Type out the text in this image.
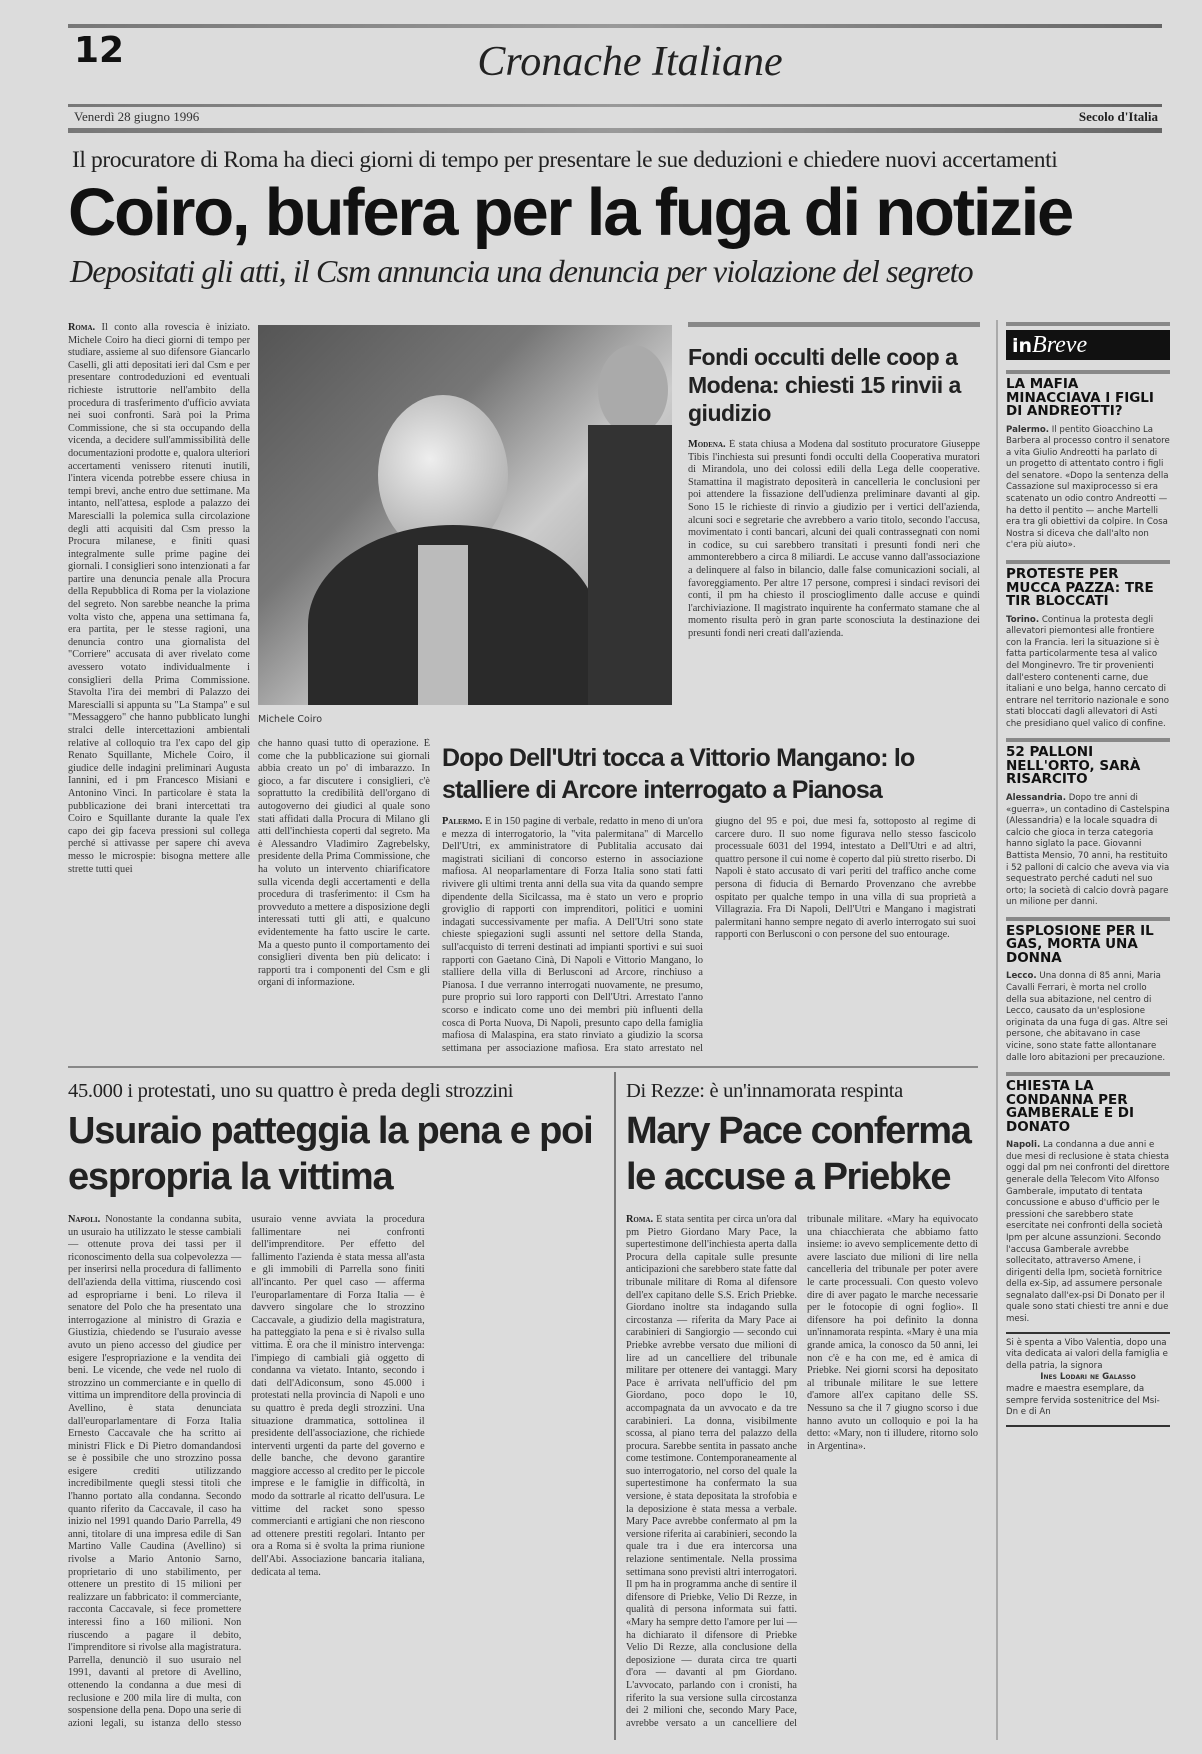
12	Cronache Italiane
Venerdì 28 giugno 1996	Secolo d'Italia
Il procuratore di Roma ha dieci giorni di tempo per presentare le sue deduzioni e chiedere nuovi accertamenti
Coiro, bufera per la fuga di notizie
Depositati gli atti, il Csm annuncia una denuncia per violazione del segreto
Roma. Il conto alla rovescia è iniziato. Michele Coiro ha dieci giorni di tempo per studiare, assieme al suo difensore Giancarlo Caselli, gli atti depositati ieri dal Csm e per presentare controdeduzioni ed eventuali richieste istruttorie nell'ambito della procedura di trasferimento d'ufficio avviata nei suoi confronti. Sarà poi la Prima Commissione, che si sta occupando della vicenda, a decidere sull'ammissibilità delle documentazioni prodotte e, qualora ulteriori accertamenti venissero ritenuti inutili, l'intera vicenda potrebbe essere chiusa in tempi brevi, anche entro due settimane. Ma intanto, nell'attesa, esplode a palazzo dei Marescialli la polemica sulla circolazione degli atti acquisiti dal Csm presso la Procura milanese, e finiti quasi integralmente sulle prime pagine dei giornali. I consiglieri sono intenzionati a far partire una denuncia penale alla Procura della Repubblica di Roma per la violazione del segreto. Non sarebbe neanche la prima volta visto che, appena una settimana fa, era partita, per le stesse ragioni, una denuncia contro una giornalista del "Corriere" accusata di aver rivelato come avessero votato individualmente i consiglieri della Prima Commissione. Stavolta l'ira dei membri di Palazzo dei Marescialli si appunta su "La Stampa" e sul "Messaggero" che hanno pubblicato lunghi stralci delle intercettazioni ambientali relative al colloquio tra l'ex capo del gip Renato Squillante, Michele Coiro, il giudice delle indagini preliminari Augusta Iannini, ed i pm Francesco Misiani e Antonino Vinci. In particolare è stata la pubblicazione dei brani intercettati tra Coiro e Squillante durante la quale l'ex capo dei gip faceva pressioni sul collega perché si attivasse per sapere chi aveva messo le microspie: bisogna mettere alle strette tutti quei
Michele Coiro
che hanno quasi tutto di operazione. È come che la pubblicazione sui giornali abbia creato un po' di imbarazzo. In gioco, a far discutere i consiglieri, c'è soprattutto la credibilità dell'organo di autogoverno dei giudici al quale sono stati affidati dalla Procura di Milano gli atti dell'inchiesta coperti dal segreto. Ma è Alessandro Vladimiro Zagrebelsky, presidente della Prima Commissione, che ha voluto un intervento chiarificatore sulla vicenda degli accertamenti e della procedura di trasferimento: il Csm ha provveduto a mettere a disposizione degli interessati tutti gli atti, e qualcuno evidentemente ha fatto uscire le carte. Ma a questo punto il comportamento dei consiglieri diventa ben più delicato: i rapporti tra i componenti del Csm e gli organi di informazione.
Fondi occulti delle coop a Modena: chiesti 15 rinvii a giudizio
Modena. È stata chiusa a Modena dal sostituto procuratore Giuseppe Tibis l'inchiesta sui presunti fondi occulti della Cooperativa muratori di Mirandola, uno dei colossi edili della Lega delle cooperative. Stamattina il magistrato depositerà in cancelleria le conclusioni per poi attendere la fissazione dell'udienza preliminare davanti al gip. Sono 15 le richieste di rinvio a giudizio per i vertici dell'azienda, alcuni soci e segretarie che avrebbero a vario titolo, secondo l'accusa, movimentato i conti bancari, alcuni dei quali contrassegnati con nomi in codice, su cui sarebbero transitati i presunti fondi neri che ammonterebbero a circa 8 miliardi. Le accuse vanno dall'associazione a delinquere al falso in bilancio, dalle false comunicazioni sociali, al favoreggiamento. Per altre 17 persone, compresi i sindaci revisori dei conti, il pm ha chiesto il proscioglimento dalle accuse e quindi l'archiviazione. Il magistrato inquirente ha confermato stamane che al momento risulta però in gran parte sconosciuta la destinazione dei presunti fondi neri creati dall'azienda.
Dopo Dell'Utri tocca a Vittorio Mangano: lo stalliere di Arcore interrogato a Pianosa
Palermo. È in 150 pagine di verbale, redatto in meno di un'ora e mezza di interrogatorio, la "vita palermitana" di Marcello Dell'Utri, ex amministratore di Publitalia accusato dai magistrati siciliani di concorso esterno in associazione mafiosa. Al neoparlamentare di Forza Italia sono stati fatti rivivere gli ultimi trenta anni della sua vita da quando sempre dipendente della Sicilcassa, ma è stato un vero e proprio groviglio di rapporti con imprenditori, politici e uomini indagati successivamente per mafia. A Dell'Utri sono state chieste spiegazioni sugli assunti nel settore della Standa, sull'acquisto di terreni destinati ad impianti sportivi e sui suoi rapporti con Gaetano Cinà, Di Napoli e Vittorio Mangano, lo stalliere della villa di Berlusconi ad Arcore, rinchiuso a Pianosa. I due verranno interrogati nuovamente, ne presumo, pure proprio sui loro rapporti con Dell'Utri. Arrestato l'anno scorso e indicato come uno dei membri più influenti della cosca di Porta Nuova, Di Napoli, presunto capo della famiglia mafiosa di Malaspina, era stato rinviato a giudizio la scorsa settimana per associazione mafiosa. Era stato arrestato nel giugno del 95 e poi, due mesi fa, sottoposto al regime di carcere duro. Il suo nome figurava nello stesso fascicolo processuale 6031 del 1994, intestato a Dell'Utri e ad altri, quattro persone il cui nome è coperto dal più stretto riserbo. Di Napoli è stato accusato di vari periti del traffico anche come persona di fiducia di Bernardo Provenzano che avrebbe ospitato per qualche tempo in una villa di sua proprietà a Villagrazia. Fra Di Napoli, Dell'Utri e Mangano i magistrati palermitani hanno sempre negato di averlo interrogato sui suoi rapporti con Berlusconi o con persone del suo entourage.
45.000 i protestati, uno su quattro è preda degli strozzini
Usuraio patteggia la pena e poi espropria la vittima
Napoli. Nonostante la condanna subita, un usuraio ha utilizzato le stesse cambiali — ottenute prova dei tassi per il riconoscimento della sua colpevolezza — per inserirsi nella procedura di fallimento dell'azienda della vittima, riuscendo così ad espropriarne i beni. Lo rileva il senatore del Polo che ha presentato una interrogazione al ministro di Grazia e Giustizia, chiedendo se l'usuraio avesse avuto un pieno accesso del giudice per esigere l'espropriazione e la vendita dei beni. Le vicende, che vede nel ruolo di strozzino un commerciante e in quello di vittima un imprenditore della provincia di Avellino, è stata denunciata dall'europarlamentare di Forza Italia Ernesto Caccavale che ha scritto ai ministri Flick e Di Pietro domandandosi se è possibile che uno strozzino possa esigere crediti utilizzando incredibilmente quegli stessi titoli che l'hanno portato alla condanna. Secondo quanto riferito da Caccavale, il caso ha inizio nel 1991 quando Dario Parrella, 49 anni, titolare di una impresa edile di San Martino Valle Caudina (Avellino) si rivolse a Mario Antonio Sarno, proprietario di uno stabilimento, per ottenere un prestito di 15 milioni per realizzare un fabbricato: il commerciante, racconta Caccavale, si fece promettere interessi fino a 160 milioni. Non riuscendo a pagare il debito, l'imprenditore si rivolse alla magistratura. Parrella, denunciò il suo usuraio nel 1991, davanti al pretore di Avellino, ottenendo la condanna a due mesi di reclusione e 200 mila lire di multa, con sospensione della pena. Dopo una serie di azioni legali, su istanza dello stesso usuraio venne avviata la procedura fallimentare nei confronti dell'imprenditore. Per effetto del fallimento l'azienda è stata messa all'asta e gli immobili di Parrella sono finiti all'incanto. Per quel caso — afferma l'europarlamentare di Forza Italia — è davvero singolare che lo strozzino Caccavale, a giudizio della magistratura, ha patteggiato la pena e si è rivalso sulla vittima. È ora che il ministro intervenga: l'impiego di cambiali già oggetto di condanna va vietato. Intanto, secondo i dati dell'Adiconsum, sono 45.000 i protestati nella provincia di Napoli e uno su quattro è preda degli strozzini. Una situazione drammatica, sottolinea il presidente dell'associazione, che richiede interventi urgenti da parte del governo e delle banche, che devono garantire maggiore accesso al credito per le piccole imprese e le famiglie in difficoltà, in modo da sottrarle al ricatto dell'usura. Le vittime del racket sono spesso commercianti e artigiani che non riescono ad ottenere prestiti regolari. Intanto per ora a Roma si è svolta la prima riunione dell'Abi. Associazione bancaria italiana, dedicata al tema.
Di Rezze: è un'innamorata respinta
Mary Pace conferma le accuse a Priebke
Roma. È stata sentita per circa un'ora dal pm Pietro Giordano Mary Pace, la supertestimone dell'inchiesta aperta dalla Procura della capitale sulle presunte anticipazioni che sarebbero state fatte dal tribunale militare di Roma al difensore dell'ex capitano delle S.S. Erich Priebke. Giordano inoltre sta indagando sulla circostanza — riferita da Mary Pace ai carabinieri di Sangiorgio — secondo cui Priebke avrebbe versato due milioni di lire ad un cancelliere del tribunale militare per ottenere dei vantaggi. Mary Pace è arrivata nell'ufficio del pm Giordano, poco dopo le 10, accompagnata da un avvocato e da tre carabinieri. La donna, visibilmente scossa, al piano terra del palazzo della procura. Sarebbe sentita in passato anche come testimone. Contemporaneamente al suo interrogatorio, nel corso del quale la supertestimone ha confermato la sua versione, è stata depositata la strofobia e la deposizione è stata messa a verbale. Mary Pace avrebbe confermato al pm la versione riferita ai carabinieri, secondo la quale tra i due era intercorsa una relazione sentimentale. Nella prossima settimana sono previsti altri interrogatori. Il pm ha in programma anche di sentire il difensore di Priebke, Velio Di Rezze, in qualità di persona informata sui fatti. «Mary ha sempre detto l'amore per lui — ha dichiarato il difensore di Priebke Velio Di Rezze, alla conclusione della deposizione — durata circa tre quarti d'ora — davanti al pm Giordano. L'avvocato, parlando con i cronisti, ha riferito la sua versione sulla circostanza dei 2 milioni che, secondo Mary Pace, avrebbe versato a un cancelliere del tribunale militare. «Mary ha equivocato una chiacchierata che abbiamo fatto insieme: io avevo semplicemente detto di avere lasciato due milioni di lire nella cancelleria del tribunale per poter avere le carte processuali. Con questo volevo dire di aver pagato le marche necessarie per le fotocopie di ogni foglio». Il difensore ha poi definito la donna un'innamorata respinta. «Mary è una mia grande amica, la conosco da 50 anni, lei non c'è e ha con me, ed è amica di Priebke. Nei giorni scorsi ha depositato al tribunale militare le sue lettere d'amore all'ex capitano delle SS. Nessuno sa che il 7 giugno scorso i due hanno avuto un colloquio e poi la ha detto: «Mary, non ti illudere, ritorno solo in Argentina».
inBreve
LA MAFIA MINACCIAVA I FIGLI DI ANDREOTTI?

Palermo. Il pentito Gioacchino La Barbera al processo contro il senatore a vita Giulio Andreotti ha parlato di un progetto di attentato contro i figli del senatore. «Dopo la sentenza della Cassazione sul maxiprocesso si era scatenato un odio contro Andreotti — ha detto il pentito — anche Martelli era tra gli obiettivi da colpire. In Cosa Nostra si diceva che dall'alto non c'era più aiuto».

PROTESTE PER MUCCA PAZZA: TRE TIR BLOCCATI

Torino. Continua la protesta degli allevatori piemontesi alle frontiere con la Francia. Ieri la situazione si è fatta particolarmente tesa al valico del Monginevro. Tre tir provenienti dall'estero contenenti carne, due italiani e uno belga, hanno cercato di entrare nel territorio nazionale e sono stati bloccati dagli allevatori di Asti che presidiano quel valico di confine.

52 PALLONI NELL'ORTO, SARÀ RISARCITO

Alessandria. Dopo tre anni di «guerra», un contadino di Castelspina (Alessandria) e la locale squadra di calcio che gioca in terza categoria hanno siglato la pace. Giovanni Battista Mensio, 70 anni, ha restituito i 52 palloni di calcio che aveva via via sequestrato perché caduti nel suo orto; la società di calcio dovrà pagare un milione per danni.

ESPLOSIONE PER IL GAS, MORTA UNA DONNA

Lecco. Una donna di 85 anni, Maria Cavalli Ferrari, è morta nel crollo della sua abitazione, nel centro di Lecco, causato da un'esplosione originata da una fuga di gas. Altre sei persone, che abitavano in case vicine, sono state fatte allontanare dalle loro abitazioni per precauzione.

CHIESTA LA CONDANNA PER GAMBERALE E DI DONATO

Napoli. La condanna a due anni e due mesi di reclusione è stata chiesta oggi dal pm nei confronti del direttore generale della Telecom Vito Alfonso Gamberale, imputato di tentata concussione e abuso d'ufficio per le pressioni che sarebbero state esercitate nei confronti della società Ipm per alcune assunzioni. Secondo l'accusa Gamberale avrebbe sollecitato, attraverso Amene, i dirigenti della Ipm, società fornitrice della ex-Sip, ad assumere personale segnalato dall'ex-psi Di Donato per il quale sono stati chiesti tre anni e due mesi.

Si è spenta a Vibo Valentia, dopo una vita dedicata ai valori della famiglia e della patria, la signora

Ines Lodari ne Galasso

madre e maestra esemplare, da sempre fervida sostenitrice del Msi-Dn e di An
